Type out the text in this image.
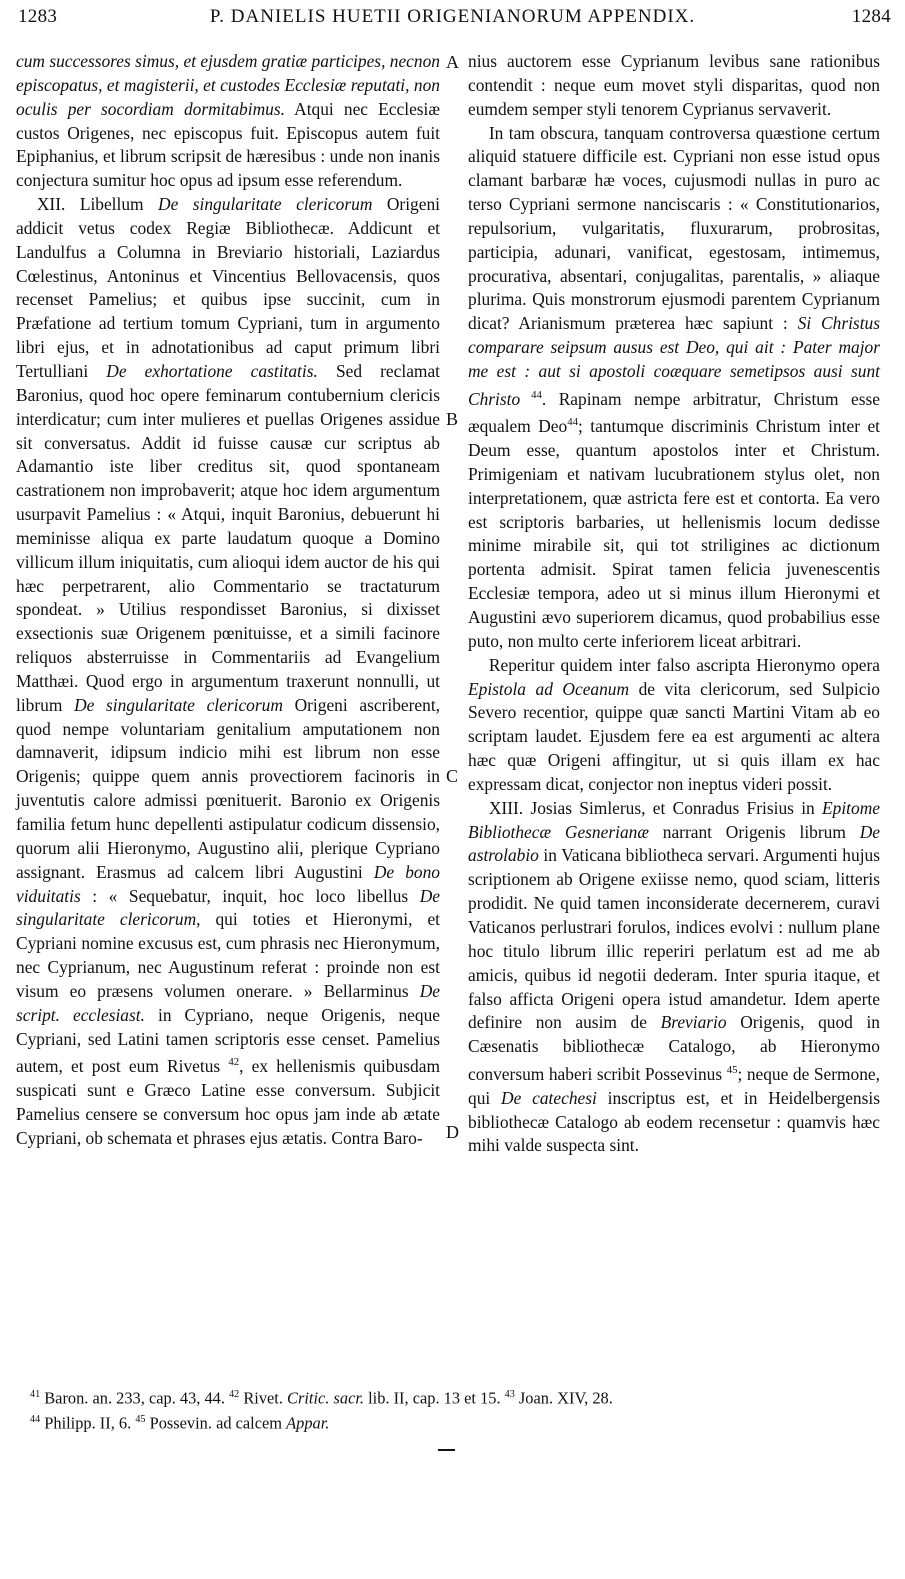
1283	P. DANIELIS HUETII ORIGENIANORUM APPENDIX.	1284

cum successores simus, et ejusdem gratiæ participes, necnon episcopatus, et magisterii, et custodes Ecclesiæ reputati, non oculis per socordiam dormitabimus. Atqui nec Ecclesiæ custos Origenes, nec episcopus fuit. Episcopus autem fuit Epiphanius, et librum scripsit de hæresibus : unde non inanis conjectura sumitur hoc opus ad ipsum esse referendum.

XII. Libellum De singularitate clericorum Origeni addicit vetus codex Regiæ Bibliothecæ. Addicunt et Landulfus a Columna in Breviario historiali, Laziardus Cœlestinus, Antoninus et Vincentius Bellovacensis, quos recenset Pamelius; et quibus ipse succinit, cum in Præfatione ad tertium tomum Cypriani, tum in argumento libri ejus, et in adnotationibus ad caput primum libri Tertulliani De exhortatione castitatis. Sed reclamat Baronius, quod hoc opere feminarum contubernium clericis interdicatur; cum inter mulieres et puellas Origenes assidue sit conversatus. Addit id fuisse causæ cur scriptus ab Adamantio iste liber creditus sit, quod spontaneam castrationem non improbaverit; atque hoc idem argumentum usurpavit Pamelius : « Atqui, inquit Baronius, debuerunt hi meminisse aliqua ex parte laudatum quoque a Domino villicum illum iniquitatis, cum alioqui idem auctor de his qui hæc perpetrarent, alio Commentario se tractaturum spondeat. » Utilius respondisset Baronius, si dixisset exsectionis suæ Origenem pœnituisse, et a simili facinore reliquos absterruisse in Commentariis ad Evangelium Matthæi. Quod ergo in argumentum traxerunt nonnulli, ut librum De singularitate clericorum Origeni ascriberent, quod nempe voluntariam genitalium amputationem non damnaverit, idipsum indicio mihi est librum non esse Origenis; quippe quem annis provectiorem facinoris in juventutis calore admissi pœnituerit. Baronio ex Origenis familia fetum hunc depellenti astipulatur codicum dissensio, quorum alii Hieronymo, Augustino alii, plerique Cypriano assignant. Erasmus ad calcem libri Augustini De bono viduitatis : « Sequebatur, inquit, hoc loco libellus De singularitate clericorum, qui toties et Hieronymi, et Cypriani nomine excusus est, cum phrasis nec Hieronymum, nec Cyprianum, nec Augustinum referat : proinde non est visum eo præsens volumen onerare. » Bellarminus De script. ecclesiast. in Cypriano, neque Origenis, neque Cypriani, sed Latini tamen scriptoris esse censet. Pamelius autem, et post eum Rivetus $^{42}$, ex hellenismis quibusdam suspicati sunt e Græco Latine esse conversum. Subjicit Pamelius censere se conversum hoc opus jam inde ab ætate Cypriani, ob schemata et phrases ejus ætatis. Contra Baro-

nius auctorem esse Cyprianum levibus sane rationibus contendit : neque eum movet styli disparitas, quod non eumdem semper styli tenorem Cyprianus servaverit.

In tam obscura, tanquam controversa quæstione certum aliquid statuere difficile est. Cypriani non esse istud opus clamant barbaræ hæ voces, cujusmodi nullas in puro ac terso Cypriani sermone nanciscaris : « Constitutionarios, repulsorium, vulgaritatis, fluxurarum, probrositas, participia, adunari, vanificat, egestosam, intimemus, procurativa, absentari, conjugalitas, parentalis, » aliaque plurima. Quis monstrorum ejusmodi parentem Cyprianum dicat? Arianismum præterea hæc sapiunt : Si Christus comparare seipsum ausus est Deo, qui ait : Pater major me est : aut si apostoli coæquare semetipsos ausi sunt Christo $^{44}$. Rapinam nempe arbitratur, Christum esse æqualem Deo$^{44}$; tantumque discriminis Christum inter et Deum esse, quantum apostolos inter et Christum. Primigeniam et nativam lucubrationem stylus olet, non interpretationem, quæ astricta fere est et contorta. Ea vero est scriptoris barbaries, ut hellenismis locum dedisse minime mirabile sit, qui tot striligines ac dictionum portenta admisit. Spirat tamen felicia juvenescentis Ecclesiæ tempora, adeo ut si minus illum Hieronymi et Augustini ævo superiorem dicamus, quod probabilius esse puto, non multo certe inferiorem liceat arbitrari.

Reperitur quidem inter falso ascripta Hieronymo opera Epistola ad Oceanum de vita clericorum, sed Sulpicio Severo recentior, quippe quæ sancti Martini Vitam ab eo scriptam laudet. Ejusdem fere ea est argumenti ac altera hæc quæ Origeni affingitur, ut si quis illam ex hac expressam dicat, conjector non ineptus videri possit.

XIII. Josias Simlerus, et Conradus Frisius in Epitome Bibliothecæ Gesnerianæ narrant Origenis librum De astrolabio in Vaticana bibliotheca servari. Argumenti hujus scriptionem ab Origene exiisse nemo, quod sciam, litteris prodidit. Ne quid tamen inconsiderate decernerem, curavi Vaticanos perlustrari forulos, indices evolvi : nullum plane hoc titulo librum illic reperiri perlatum est ad me ab amicis, quibus id negotii dederam. Inter spuria itaque, et falso afficta Origeni opera istud amandetur. Idem aperte definire non ausim de Breviario Origenis, quod in Cæsenatis bibliothecæ Catalogo, ab Hieronymo conversum haberi scribit Possevinus $^{45}$; neque de Sermone, qui De catechesi inscriptus est, et in Heidelbergensis bibliothecæ Catalogo ab eodem recensetur : quamvis hæc mihi valde suspecta sint.

A
B
C
D

$^{41}$ Baron. an. 233, cap. 43, 44. $^{42}$ Rivet. Critic. sacr. lib. II, cap. 13 et 15. $^{43}$ Joan. XIV, 28.

$^{44}$ Philipp. II, 6. $^{45}$ Possevin. ad calcem Appar.
